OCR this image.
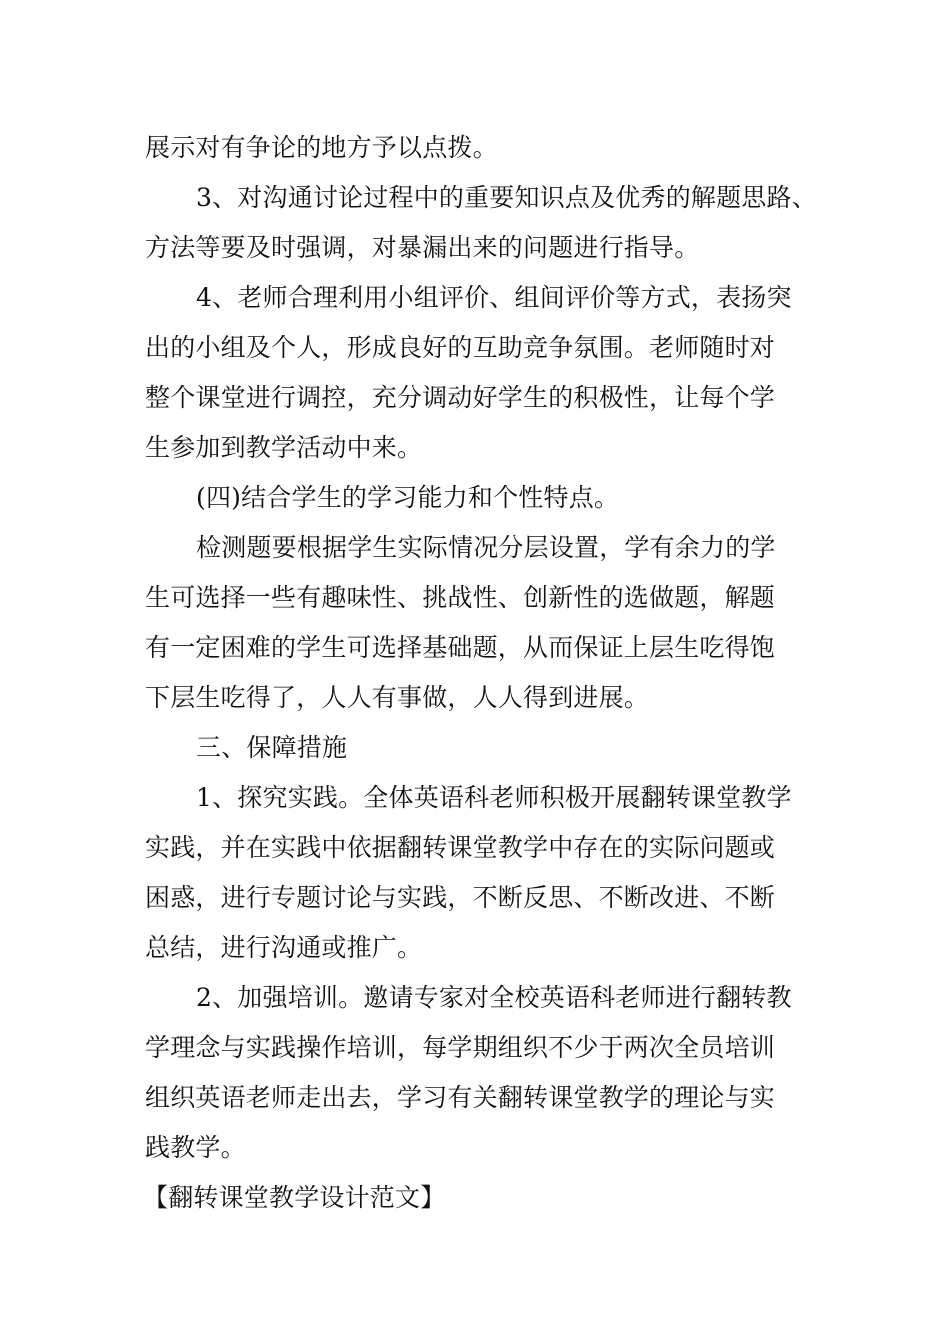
展示对有争论的地方予以点拨。
3、对沟通讨论过程中的重要知识点及优秀的解题思路、
方法等要及时强调，对暴漏出来的问题进行指导。
4、老师合理利用小组评价、组间评价等方式，表扬突
出的小组及个人，形成良好的互助竞争氛围。老师随时对
整个课堂进行调控，充分调动好学生的积极性，让每个学
生参加到教学活动中来。
(四)结合学生的学习能力和个性特点。
检测题要根据学生实际情况分层设置，学有余力的学
生可选择一些有趣味性、挑战性、创新性的选做题，解题
有一定困难的学生可选择基础题，从而保证上层生吃得饱
下层生吃得了，人人有事做，人人得到进展。
三、保障措施
1、探究实践。全体英语科老师积极开展翻转课堂教学
实践，并在实践中依据翻转课堂教学中存在的实际问题或
困惑，进行专题讨论与实践，不断反思、不断改进、不断
总结，进行沟通或推广。
2、加强培训。邀请专家对全校英语科老师进行翻转教
学理念与实践操作培训，每学期组织不少于两次全员培训
组织英语老师走出去，学习有关翻转课堂教学的理论与实
践教学。
【翻转课堂教学设计范文】
